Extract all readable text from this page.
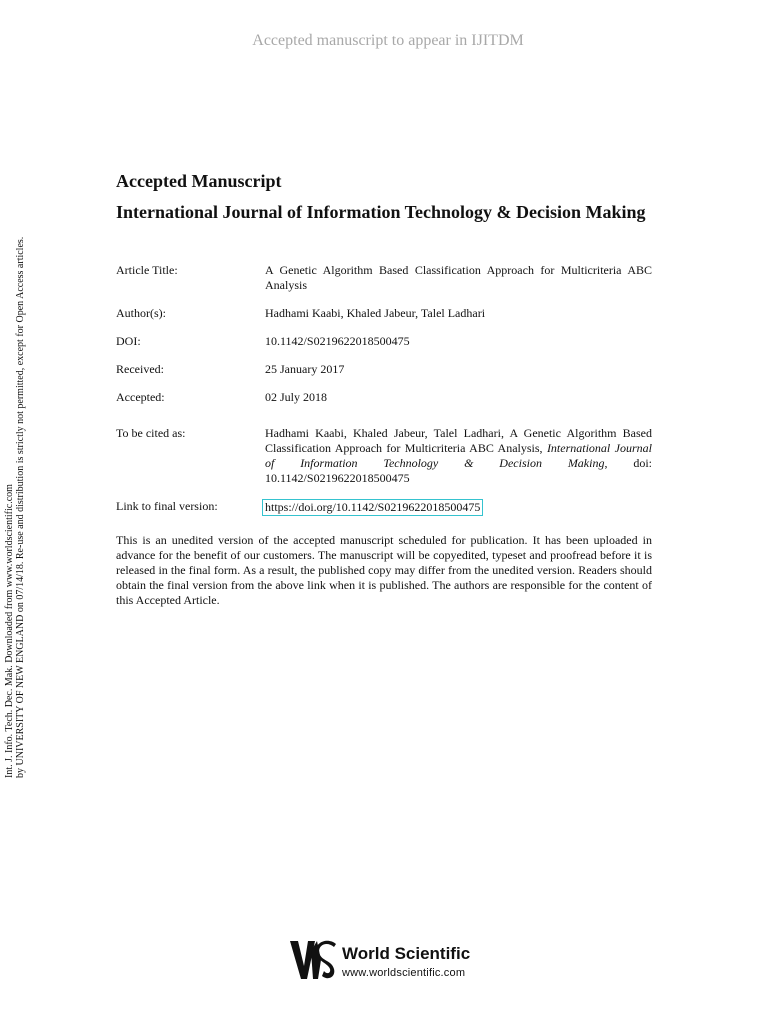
Accepted manuscript to appear in IJITDM
Int. J. Info. Tech. Dec. Mak. Downloaded from www.worldscientific.com by UNIVERSITY OF NEW ENGLAND on 07/14/18. Re-use and distribution is strictly not permitted, except for Open Access articles.
Accepted Manuscript
International Journal of Information Technology & Decision Making
Article Title:	A Genetic Algorithm Based Classification Approach for Multicriteria ABC Analysis
Author(s):	Hadhami Kaabi, Khaled Jabeur, Talel Ladhari
DOI:	10.1142/S0219622018500475
Received:	25 January 2017
Accepted:	02 July 2018
To be cited as:	Hadhami Kaabi, Khaled Jabeur, Talel Ladhari, A Genetic Algorithm Based Classification Approach for Multicriteria ABC Analysis, International Journal of Information Technology & Decision Making, doi: 10.1142/S0219622018500475
Link to final version:	https://doi.org/10.1142/S0219622018500475
This is an unedited version of the accepted manuscript scheduled for publication. It has been uploaded in advance for the benefit of our customers. The manuscript will be copyedited, typeset and proofread before it is released in the final form. As a result, the published copy may differ from the unedited version. Readers should obtain the final version from the above link when it is published. The authors are responsible for the content of this Accepted Article.
World Scientific
www.worldscientific.com
